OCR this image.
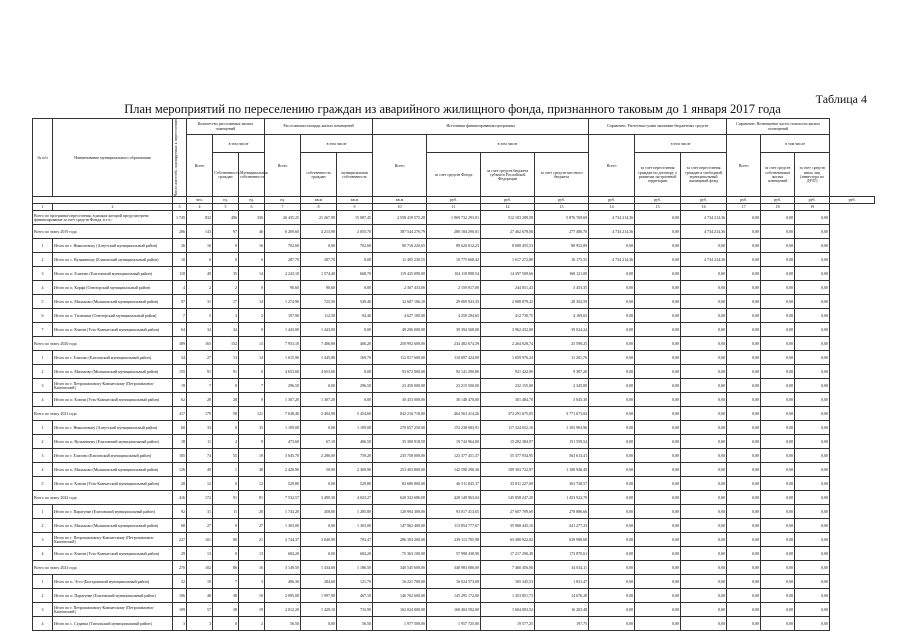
Таблица 4
План мероприятий по переселению граждан из аварийного жилищного фонда, признанного таковым до 1 января 2017 года
№ п/п	Наименование муниципального образования	Число жителей, планируемых к переселению	Количество расселяемых жилых помещений			Расселяемая площадь жилых помещений			Источники финансирования программы				Справочно: Расчетная сумма экономии бюджетных средств			Справочно: Возмещение части стоимости жилых помещений			
			Всего	в том числе		Всего	в том числе		Всего	в том числе			Всего	в том числе		Всего	в том числе		
				Собственность граждан	Муниципальная собственность		собственность граждан	муниципальная собственность		за счет средств Фонда	за счет средств бюджета субъекта Российской Федерации	за счет средств местного бюджета		за счет переселения граждан по договору о развитии застроенной территории	за счет переселения граждан в свободный муниципальный жилищный фонд		за счет средств собственников жилых помещений	за счет средств иных лиц (инвестора по ДРЗТ)	
			чел.	ед.	ед.	ед.	кв.м	кв.м	кв.м	руб.	руб.	руб.	руб.	руб.	руб.	руб.	руб.	руб.	руб.
1	2	3	4	5	6	7	8	9	10	11	12	13	14	15	16	17	18	19	
Всего по программе переселения, в рамках которой предусмотрено финансирование за счет средств Фонда, в т.ч.:		1 745	832	496	336	26 435,25	21 267,90	15 087,45	2 558 419 575,28	1 969 732 293,01	512 103 288,58	5 876 769,69	4 734 214,36	0,00	4 734 214,36	0,00	0,00	0,00	
Всего по этапу 2019 года		206	143	97	46	6 269,60	4 213,90	2 055,70	387 544 270,79	280 184 290,01	27 462 678,08	277 480,70	4 734 214,36	0,00	4 734 214,36	0,00	0,00	0,00	
1	Итого по г. Николаевску (Алеутский муниципальный район)	26	16	0	16	702,60	0,00	702,60	90 716 220,65	89 620 012,23	8 008 455,53	88 952,89	0,00	0,00	0,00	0,00	0,00	0,00	
2	Итого по с. Вулканному (Елизовский муниципальный район)	10	6	0	6	287,70	287,70	0,00	11 405 230,55	10 775 668,42	1 617 272,80	10 175,55	4 734 214,36	0,00	4 734 214,36	0,00	0,00	0,00	
3	Итого по п. Елизово (Елизовский муниципальный район)	118	49	35	14	2 243,10	1 574,40	668,70	119 425 090,00	104 118 898,54	14 397 509,66	168 121,00	0,00	0,00	0,00	0,00	0,00	0,00	
4	Итого по п. Корфа (Олюторский муниципальный район)	4	2	2	0	90,60	90,60	0,00	2 307 433,00	2 159 817,00	244 051,43	3 453,35	0,00	0,00	0,00	0,00	0,00	0,00	
5	Итого по п. Мильково (Мильковский муниципальный район)	97	31	17	14	1 274,90	725,50	549,40	32 607 106,10	29 069 943,35	2 908 878,42	28 302,59	0,00	0,00	0,00	0,00	0,00	0,00	
6	Итого по п. Тиличики (Олюторский муниципальный район)	7	5	3	2	197,90	112,50	94,40	4 627 180,00	4 250 294,65	412 730,75	4 169,65	0,00	0,00	0,00	0,00	0,00	0,00	
7	Итого по п. Ключи (Усть-Камчатский муниципальный район)	64	34	34	0	1 443,00	1 443,00	0,00	49 206 000,00	39 394 568,00	3 962 432,00	39 024,24	0,00	0,00	0,00	0,00	0,00	0,00	
Всего по этапу 2020 года		309	165	152	13	7 953,10	7 406,80	466,20	250 992 600,00	234 482 674,39	2 264 028,74	25 598,25	0,00	0,00	0,00	0,00	0,00	0,00	
1	Итого по г. Елизово (Елизовский муниципальный район)	34	27	13	14	1 615,90	1 445,80	169,70	112 017 600,00	110 697 424,00	1 059 976,24	11 201,76	0,00	0,00	0,00	0,00	0,00	0,00	
2	Итого по п. Мильково (Мильковский муниципальный район)	155	91	91	0	4 653,60	4 653,60	0,00	93 672 000,00	92 141 290,80	921 422,90	9 307,20	0,00	0,00	0,00	0,00	0,00	0,00	
3	Итого по г. Петропавловску-Камчатскому (Петропавловск-Камчатский)	19	7	0	7	296,50	0,00	296,50	23 450 000,00	23 215 500,00	232 155,00	2 345,00	0,00	0,00	0,00	0,00	0,00	0,00	
4	Итого по п. Ключи (Усть-Камчатский муниципальный район)	62	28	28	0	1 307,20	1 307,20	0,00	30 453 000,00	30 148 470,00	301 484,70	3 045,30	0,00	0,00	0,00	0,00	0,00	0,00	
Всего по этапу 2021 года		417	179	58	121	7 638,40	2 404,90	5 454,60	842 216 718,00	464 563 414,26	373 291 675,05	3 771 673,84	0,00	0,00	0,00	0,00	0,00	0,00	
1	Итого по г. Николаевску (Алеутский муниципальный район)	60	33	0	33	1 109,00	0,00	1 109,00	270 657 250,00	153 238 683,91	117 324 652,16	1 103 963,96	0,00	0,00	0,00	0,00	0,00	0,00	
2	Итого по п. Вулканному (Елизовский муниципальный район)	18	11	2	9	473,60	67,10	406,50	35 300 918,50	19 744 964,00	15 202 384,97	151 559,54	0,00	0,00	0,00	0,00	0,00	0,00	
3	Итого по г. Елизово (Елизовский муниципальный район)	105	74	55	19	3 045,70	2 286,00	759,20	235 758 000,00	123 377 451,37	55 377 934,95	563 613,41	0,00	0,00	0,00	0,00	0,00	0,00	
4	Итого по п. Мильково (Мильковский муниципальный район)	126	49	1	48	2 420,90	50,90	2 369,90	253 403 800,00	142 590 290,36	109 303 722,97	1 108 946,49	0,00	0,00	0,00	0,00	0,00	0,00	
5	Итого по п. Ключи (Усть-Камчатский муниципальный район)	28	12	0	12	529,80	0,00	529,80	82 686 800,00	46 511 845,37	35 811 227,00	363 728,57	0,00	0,00	0,00	0,00	0,00	0,00	
Всего по этапу 2022 года		416	172	91	81	7 532,57	3 499,30	4 023,27	620 332 686,00	428 149 963,04	145 858 247,20	1 453 922,70	0,00	0,00	0,00	0,00	0,00	0,00	
1	Итого по г. Паратунке (Елизовский муниципальный район)	92	31	11	20	1 743,20	458,00	1 285,80	120 904 300,00	93 017 413,65	27 607 709,69	278 886,66	0,00	0,00	0,00	0,00	0,00	0,00	
2	Итого по п. Мильково (Мильковский муниципальный район)	68	27	0	27	1 303,00	0,00	1 303,00	147 962 400,00	113 854 777,67	35 968 445,10	241 277,23	0,00	0,00	0,00	0,00	0,00	0,00	
3	Итого по г. Петропавловску-Камчатскому (Петропавловск-Камчатский)	227	101	80	21	3 744,37	3 040,90	703,47	286 394 200,00	239 113 705,98	63 380 922,02	639 988,68	0,00	0,00	0,00	0,00	0,00	0,00	
4	Итого по п. Ключи (Усть-Камчатский муниципальный район)	29	13	0	13	684,20	0,00	684,20	75 363 100,00	57 998 438,90	17 217 290,49	173 870,61	0,00	0,00	0,00	0,00	0,00	0,00	
Всего по этапу 2023 года		270	102	86	16	3 149,50	1 434,00	1 186,50	340 545 600,00	340 983 686,00	7 460 456,00	34 034,11	0,00	0,00	0,00	0,00	0,00	0,00	
1	Итого по п. Эссо (Быстринский муниципальный район)	32	10	7	3	406,30	284,60	121,70	16 221 700,00	16 024 573,00	165 345,53	1 821,47	0,00	0,00	0,00	0,00	0,00	0,00	
2	Итого по п. Паратунке (Елизовский муниципальный район)	106	48	38	10	2 095,00	1 997,90	467,10	146 762 600,00	145 295 172,00	1 453 851,73	14 676,28	0,00	0,00	0,00	0,00	0,00	0,00	
3	Итого по г. Петропавловску-Камчатскому (Петропавловск-Камчатский)	109	57	38	19	2 012,20	1 429,10	733,90	162 024 000,00	160 404 592,00	1 604 003,52	16 203,48	0,00	0,00	0,00	0,00	0,00	0,00	
4	Итого по с. Седанка (Тигильский муниципальный район)	3	3	0	2	56,50	0,00	56,50	1 977 500,00	1 957 725,00	19 577,25	197,75	0,00	0,00	0,00	0,00	0,00	0,00	
